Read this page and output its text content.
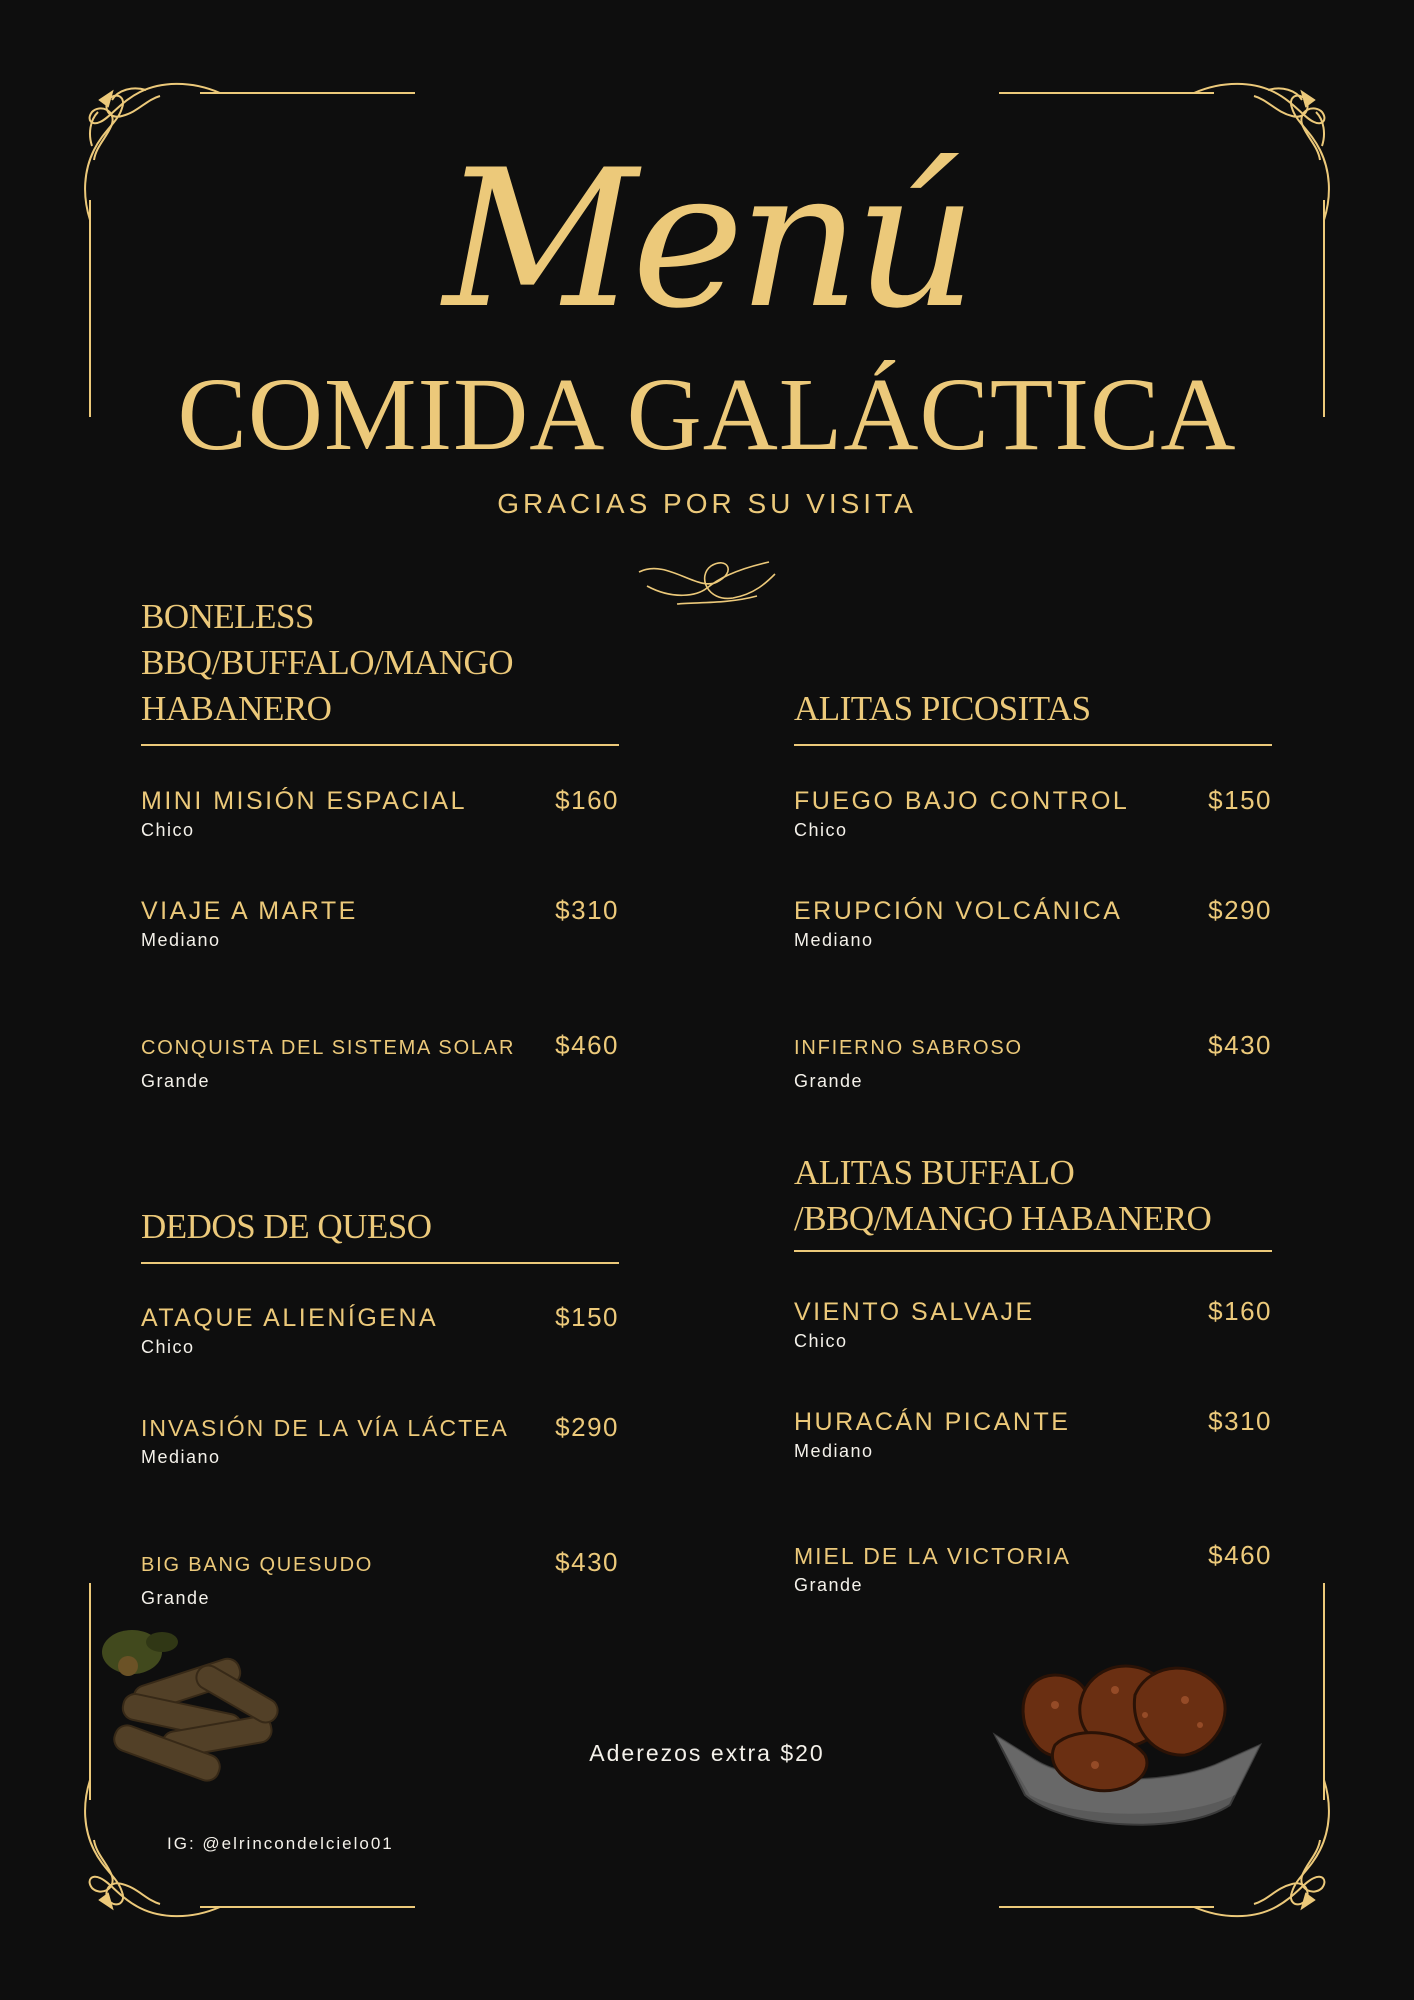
Menú
COMIDA GALÁCTICA
GRACIAS POR SU VISITA
BONELESS BBQ/BUFFALO/MANGO HABANERO
MINI MISIÓN ESPACIAL	$160
Chico
VIAJE A MARTE	$310
Mediano
CONQUISTA DEL SISTEMA SOLAR $460
Grande
ALITAS PICOSITAS
FUEGO BAJO CONTROL	$150
Chico
ERUPCIÓN VOLCÁNICA	$290
Mediano
INFIERNO SABROSO	$430
Grande
DEDOS DE QUESO
ATAQUE ALIENÍGENA	$150
Chico
INVASIÓN DE LA VÍA LÁCTEA $290
Mediano
BIG BANG QUESUDO	$430
Grande
ALITAS BUFFALO /BBQ/MANGO HABANERO
VIENTO SALVAJE	$160
Chico
HURACÁN PICANTE	$310
Mediano
MIEL DE LA VICTORIA	$460
Grande
Aderezos extra $20
IG: @elrincondelcielo01
